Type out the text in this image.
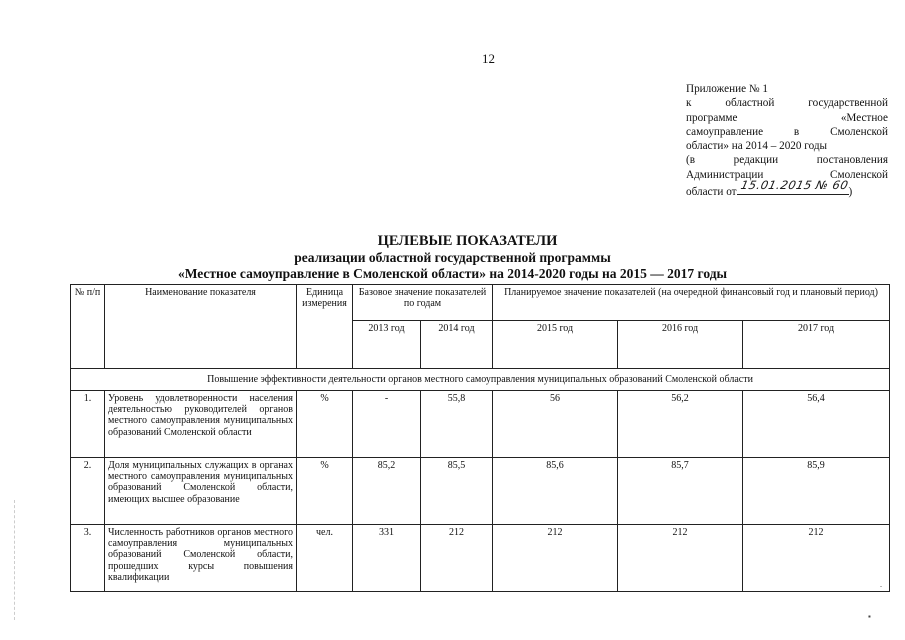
12
Приложение № 1
к областной государственной
программе «Местное
самоуправление в Смоленской
области» на 2014 – 2020 годы
(в редакции постановления
Администрации Смоленской
области от 15.01.2015 № 60 )
ЦЕЛЕВЫЕ ПОКАЗАТЕЛИ
реализации областной государственной программы
«Местное самоуправление в Смоленской области» на 2014-2020 годы на 2015 — 2017 годы
№ п/п	Наименование показателя	Единица измерения	Базовое значение показателей по годам		Планируемое значение показателей (на очередной финансовый год и плановый период)		
			2013 год	2014 год	2015 год	2016 год	2017 год
Повышение эффективности деятельности органов местного самоуправления муниципальных образований Смоленской области							
1.	Уровень удовлетворенности населения деятельностью руководителей органов местного самоуправления муниципальных образований Смоленской области	%	-	55,8	56	56,2	56,4
2.	Доля муниципальных служащих в органах местного самоуправления муниципальных образований Смоленской области, имеющих высшее образование	%	85,2	85,5	85,6	85,7	85,9
3.	Численность работников органов местного самоуправления муниципальных образований Смоленской области, прошедших курсы повышения квалификации	чел.	331	212	212	212	212
.
▪
